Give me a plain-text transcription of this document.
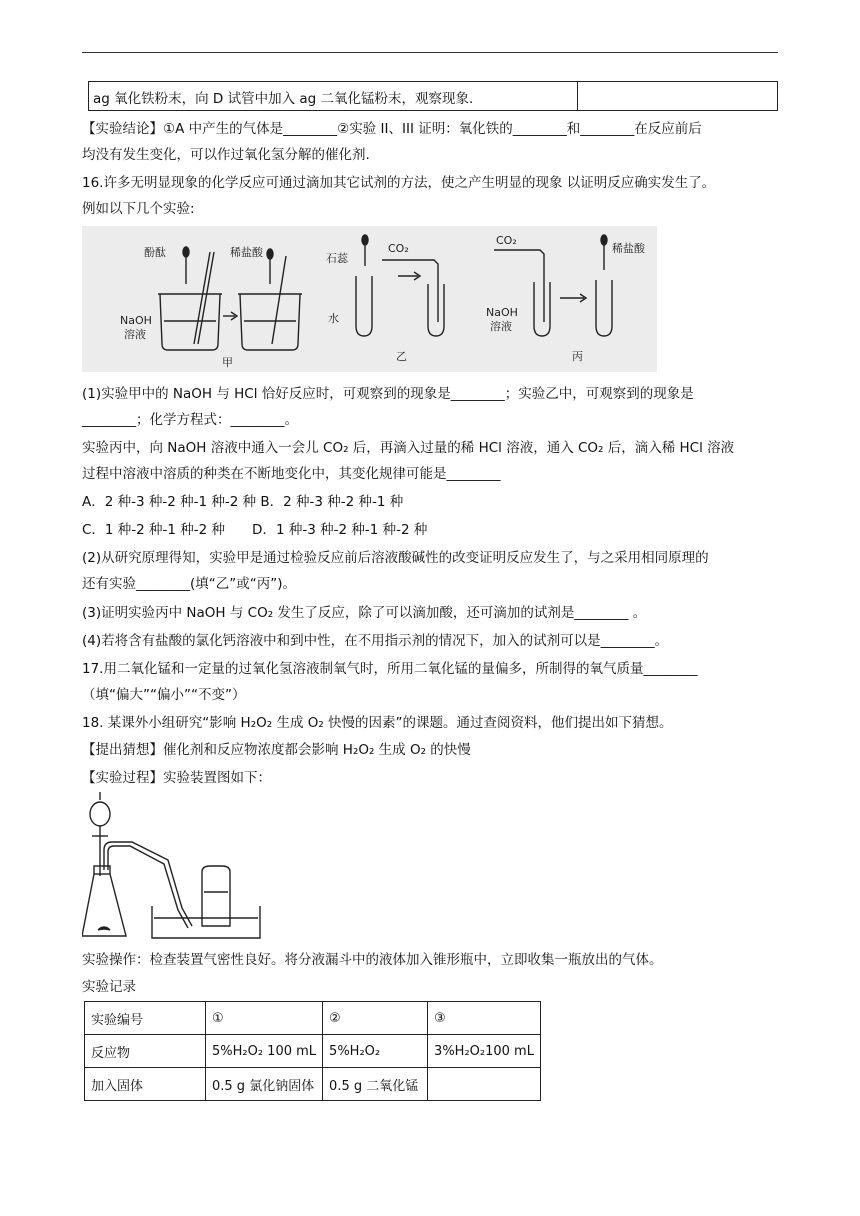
ag 氧化铁粉末，向 D 试管中加入 ag 二氧化锰粉末，观察现象.
【实验结论】①A 中产生的气体是________②实验 II、III 证明：氧化铁的________和________在反应前后
均没有发生变化，可以作过氧化氢分解的催化剂.
16.许多无明显现象的化学反应可通过滴加其它试剂的方法，使之产生明显的现象 以证明反应确实发生了。
例如以下几个实验:
酚酞	稀盐酸
NaOH
溶液
甲
石蕊
CO₂
水
乙
CO₂
稀盐酸
NaOH
溶液
丙
(1)实验甲中的 NaOH 与 HCl 恰好反应时，可观察到的现象是________；实验乙中，可观察到的现象是
________；化学方程式：________。
实验丙中，向 NaOH 溶液中通入一会儿 CO₂ 后，再滴入过量的稀 HCl 溶液，通入 CO₂ 后，滴入稀 HCl 溶液
过程中溶液中溶质的种类在不断地变化中，其变化规律可能是________
A．2 种-3 种-2 种-1 种-2 种 B．2 种-3 种-2 种-1 种
C．1 种-2 种-1 种-2 种　　D．1 种-3 种-2 种-1 种-2 种
(2)从研究原理得知，实验甲是通过检验反应前后溶液酸碱性的改变证明反应发生了，与之采用相同原理的
还有实验________(填“乙”或“丙”)。
(3)证明实验丙中 NaOH 与 CO₂ 发生了反应，除了可以滴加酸，还可滴加的试剂是________ 。
(4)若将含有盐酸的氯化钙溶液中和到中性，在不用指示剂的情况下，加入的试剂可以是________。
17.用二氧化锰和一定量的过氧化氢溶液制氧气时，所用二氧化锰的量偏多，所制得的氧气质量________
（填“偏大”“偏小”“不变”）
18. 某课外小组研究“影响 H₂O₂ 生成 O₂ 快慢的因素”的课题。通过查阅资料，他们提出如下猜想。
【提出猜想】催化剂和反应物浓度都会影响 H₂O₂ 生成 O₂ 的快慢
【实验过程】实验装置图如下：
实验操作：检查装置气密性良好。将分液漏斗中的液体加入锥形瓶中，立即收集一瓶放出的气体。
实验记录
实验编号	①	②	③
反应物	5%H₂O₂ 100 mL	5%H₂O₂	3%H₂O₂100 mL
加入固体	0.5 g 氯化钠固体	0.5 g 二氧化锰	
